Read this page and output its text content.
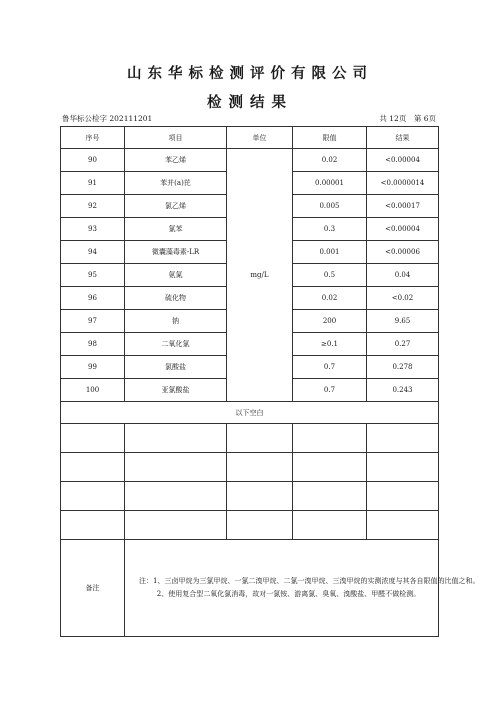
山东华标检测评价有限公司
检测结果
鲁华标公检字 202111201	共 12页　第 6页
序号	项目	单位	限值	结果
90	苯乙烯	mg/L	0.02	<0.00004
91	苯并(a)芘		0.00001	<0.0000014
92	氯乙烯		0.005	<0.00017
93	氯苯		0.3	<0.00004
94	微囊藻毒素-LR		0.001	<0.00006
95	氨氮		0.5	0.04
96	硫化物		0.02	<0.02
97	钠		200	9.65
98	二氧化氯		≥0.1	0.27
99	氯酸盐		0.7	0.278
100	亚氯酸盐		0.7	0.243
以下空白				

备注	注：1、三卤甲烷为三氯甲烷、一氯二溴甲烷、二氯一溴甲烷、三溴甲烷的实测浓度与其各自限值的比值之和。
2、使用复合型二氧化氯消毒，故对一氯铵、游离氯、臭氧、溴酸盐、甲醛不做检测。			
